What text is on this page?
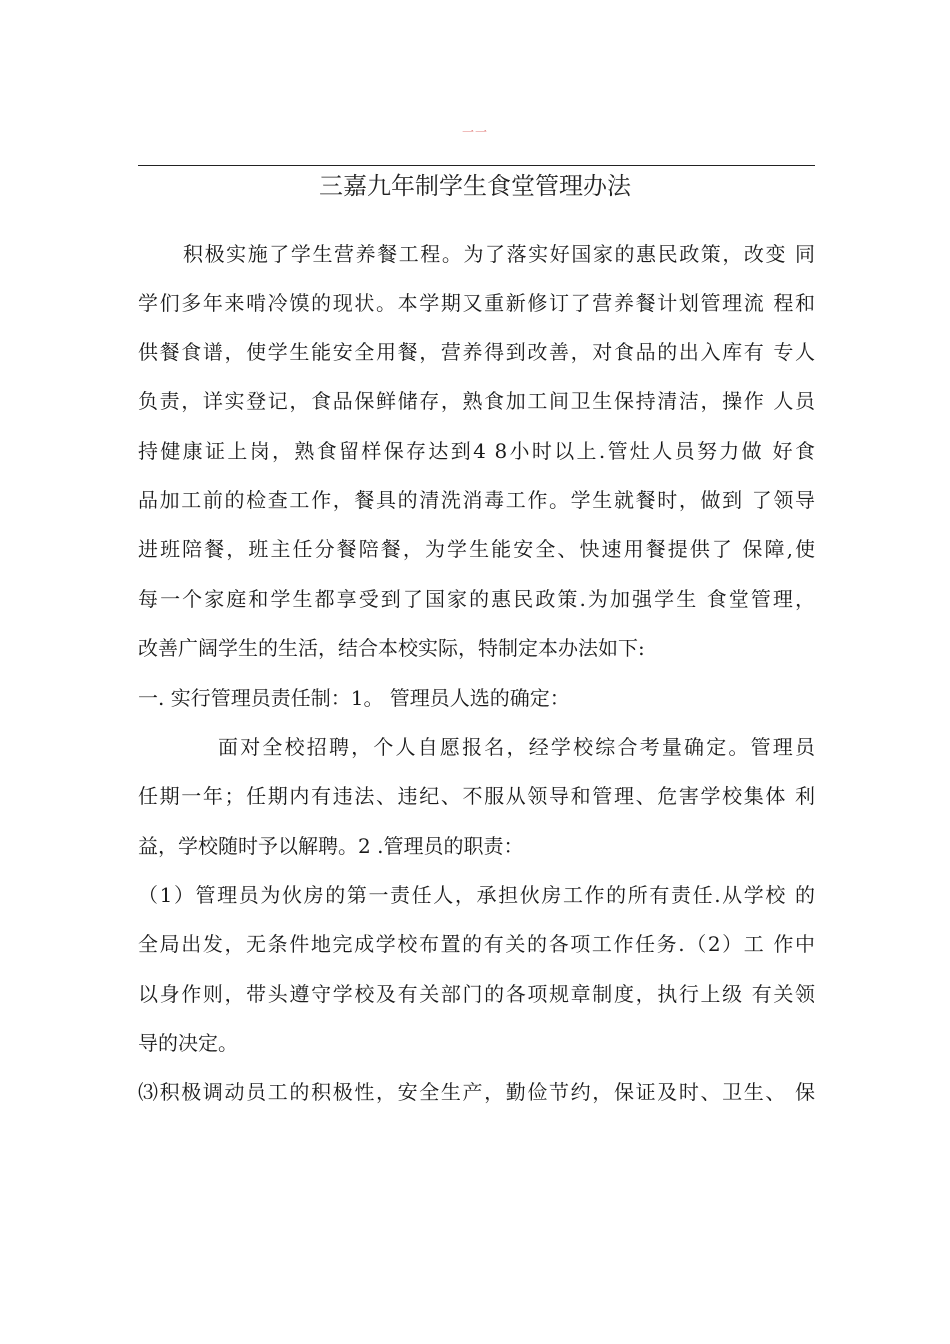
一一
三嘉九年制学生食堂管理办法
积极实施了学生营养餐工程。为了落实好国家的惠民政策，改变 同
学们多年来啃冷馍的现状。本学期又重新修订了营养餐计划管理流 程和
供餐食谱，使学生能安全用餐，营养得到改善，对食品的出入库有 专人
负责，详实登记，食品保鲜储存，熟食加工间卫生保持清洁，操作 人员
持健康证上岗，熟食留样保存达到4 8小时以上.管灶人员努力做 好食
品加工前的检查工作，餐具的清洗消毒工作。学生就餐时，做到 了领导
进班陪餐，班主任分餐陪餐，为学生能安全、快速用餐提供了 保障,使
每一个家庭和学生都享受到了国家的惠民政策.为加强学生 食堂管理，
改善广阔学生的生活，结合本校实际，特制定本办法如下:
一. 实行管理员责任制：1。 管理员人选的确定：
面对全校招聘，个人自愿报名，经学校综合考量确定。管理员
任期一年；任期内有违法、违纪、不服从领导和管理、危害学校集体 利
益，学校随时予以解聘。2 .管理员的职责：
（1）管理员为伙房的第一责任人，承担伙房工作的所有责任.从学校 的
全局出发，无条件地完成学校布置的有关的各项工作任务.（2）工 作中
以身作则，带头遵守学校及有关部门的各项规章制度，执行上级 有关领
导的决定。
⑶积极调动员工的积极性，安全生产，勤俭节约，保证及时、卫生、 保
